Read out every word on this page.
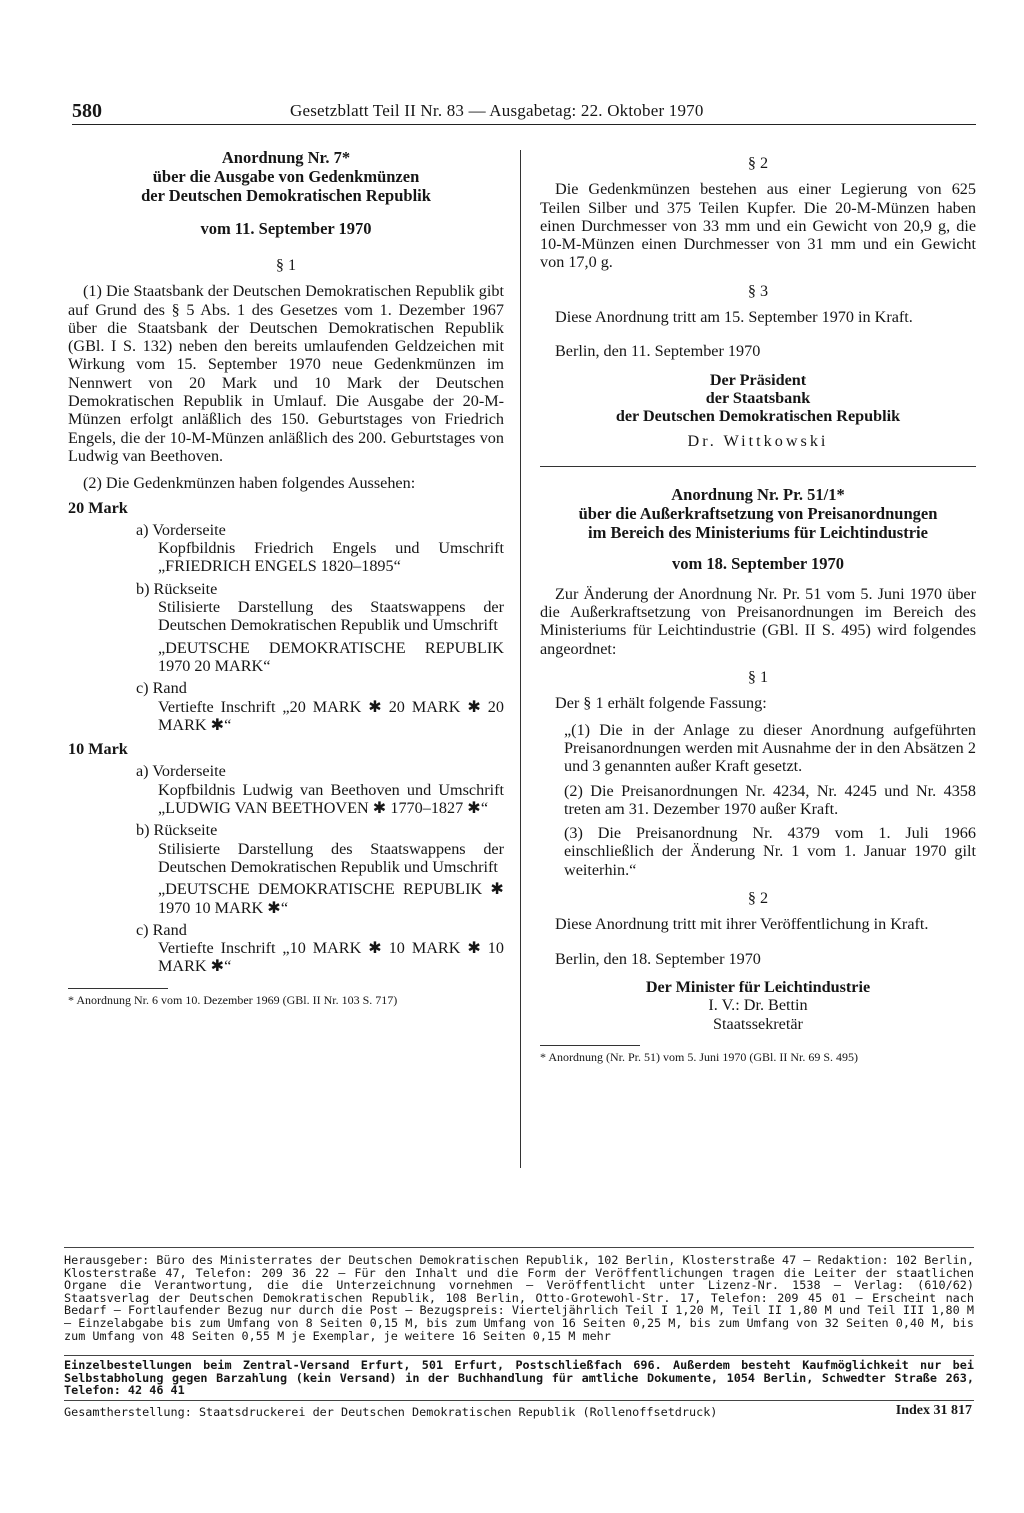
580	Gesetzblatt Teil II Nr. 83 — Ausgabetag: 22. Oktober 1970
Anordnung Nr. 7*
über die Ausgabe von Gedenkmünzen
der Deutschen Demokratischen Republik
vom 11. September 1970
§ 1

(1) Die Staatsbank der Deutschen Demokratischen Republik gibt auf Grund des § 5 Abs. 1 des Gesetzes vom 1. Dezember 1967 über die Staatsbank der Deutschen Demokratischen Republik (GBl. I S. 132) neben den bereits umlaufenden Geldzeichen mit Wirkung vom 15. September 1970 neue Gedenkmünzen im Nennwert von 20 Mark und 10 Mark der Deutschen Demokratischen Republik in Umlauf. Die Ausgabe der 20-M-Münzen erfolgt anläßlich des 150. Geburtstages von Friedrich Engels, die der 10-M-Münzen anläßlich des 200. Geburtstages von Ludwig van Beethoven.

(2) Die Gedenkmünzen haben folgendes Aussehen:

20 Mark
a) Vorderseite
Kopfbildnis Friedrich Engels und Umschrift „FRIEDRICH ENGELS 1820–1895“
b) Rückseite
Stilisierte Darstellung des Staatswappens der Deutschen Demokratischen Republik und Umschrift
„DEUTSCHE DEMOKRATISCHE REPUBLIK 1970 20 MARK“
c) Rand
Vertiefte Inschrift „20 MARK ✱ 20 MARK ✱ 20 MARK ✱“
10 Mark
a) Vorderseite
Kopfbildnis Ludwig van Beethoven und Umschrift „LUDWIG VAN BEETHOVEN ✱ 1770–1827 ✱“
b) Rückseite
Stilisierte Darstellung des Staatswappens der Deutschen Demokratischen Republik und Umschrift
„DEUTSCHE DEMOKRATISCHE REPUBLIK ✱ 1970 10 MARK ✱“
c) Rand
Vertiefte Inschrift „10 MARK ✱ 10 MARK ✱ 10 MARK ✱“
* Anordnung Nr. 6 vom 10. Dezember 1969 (GBl. II Nr. 103 S. 717)
§ 2

Die Gedenkmünzen bestehen aus einer Legierung von 625 Teilen Silber und 375 Teilen Kupfer. Die 20-M-Münzen haben einen Durchmesser von 33 mm und ein Gewicht von 20,9 g, die 10-M-Münzen einen Durchmesser von 31 mm und ein Gewicht von 17,0 g.

§ 3

Diese Anordnung tritt am 15. September 1970 in Kraft.

Berlin, den 11. September 1970

Der Präsident
der Staatsbank
der Deutschen Demokratischen Republik
Dr. Wittkowski
Anordnung Nr. Pr. 51/1*
über die Außerkraftsetzung von Preisanordnungen
im Bereich des Ministeriums für Leichtindustrie
vom 18. September 1970

Zur Änderung der Anordnung Nr. Pr. 51 vom 5. Juni 1970 über die Außerkraftsetzung von Preisanordnungen im Bereich des Ministeriums für Leichtindustrie (GBl. II S. 495) wird folgendes angeordnet:

§ 1

Der § 1 erhält folgende Fassung:

„(1) Die in der Anlage zu dieser Anordnung aufgeführten Preisanordnungen werden mit Ausnahme der in den Absätzen 2 und 3 genannten außer Kraft gesetzt.

(2) Die Preisanordnungen Nr. 4234, Nr. 4245 und Nr. 4358 treten am 31. Dezember 1970 außer Kraft.

(3) Die Preisanordnung Nr. 4379 vom 1. Juli 1966 einschließlich der Änderung Nr. 1 vom 1. Januar 1970 gilt weiterhin.“

§ 2

Diese Anordnung tritt mit ihrer Veröffentlichung in Kraft.

Berlin, den 18. September 1970

Der Minister für Leichtindustrie
I. V.: Dr. Bettin
Staatssekretär
* Anordnung (Nr. Pr. 51) vom 5. Juni 1970 (GBl. II Nr. 69 S. 495)
Herausgeber: Büro des Ministerrates der Deutschen Demokratischen Republik, 102 Berlin, Klosterstraße 47 — Redaktion: 102 Berlin, Klosterstraße 47, Telefon: 209 36 22 — Für den Inhalt und die Form der Veröffentlichungen tragen die Leiter der staatlichen Organe die Verantwortung, die die Unterzeichnung vornehmen — Veröffentlicht unter Lizenz-Nr. 1538 — Verlag: (610/62) Staatsverlag der Deutschen Demokratischen Republik, 108 Berlin, Otto-Grotewohl-Str. 17, Telefon: 209 45 01 — Erscheint nach Bedarf — Fortlaufender Bezug nur durch die Post — Bezugspreis: Vierteljährlich Teil I 1,20 M, Teil II 1,80 M und Teil III 1,80 M — Einzelabgabe bis zum Umfang von 8 Seiten 0,15 M, bis zum Umfang von 16 Seiten 0,25 M, bis zum Umfang von 32 Seiten 0,40 M, bis zum Umfang von 48 Seiten 0,55 M je Exemplar, je weitere 16 Seiten 0,15 M mehr
Einzelbestellungen beim Zentral-Versand Erfurt, 501 Erfurt, Postschließfach 696. Außerdem besteht Kaufmöglichkeit nur bei Selbstabholung gegen Barzahlung (kein Versand) in der Buchhandlung für amtliche Dokumente, 1054 Berlin, Schwedter Straße 263, Telefon: 42 46 41
Gesamtherstellung: Staatsdruckerei der Deutschen Demokratischen Republik (Rollenoffsetdruck)	Index 31 817
